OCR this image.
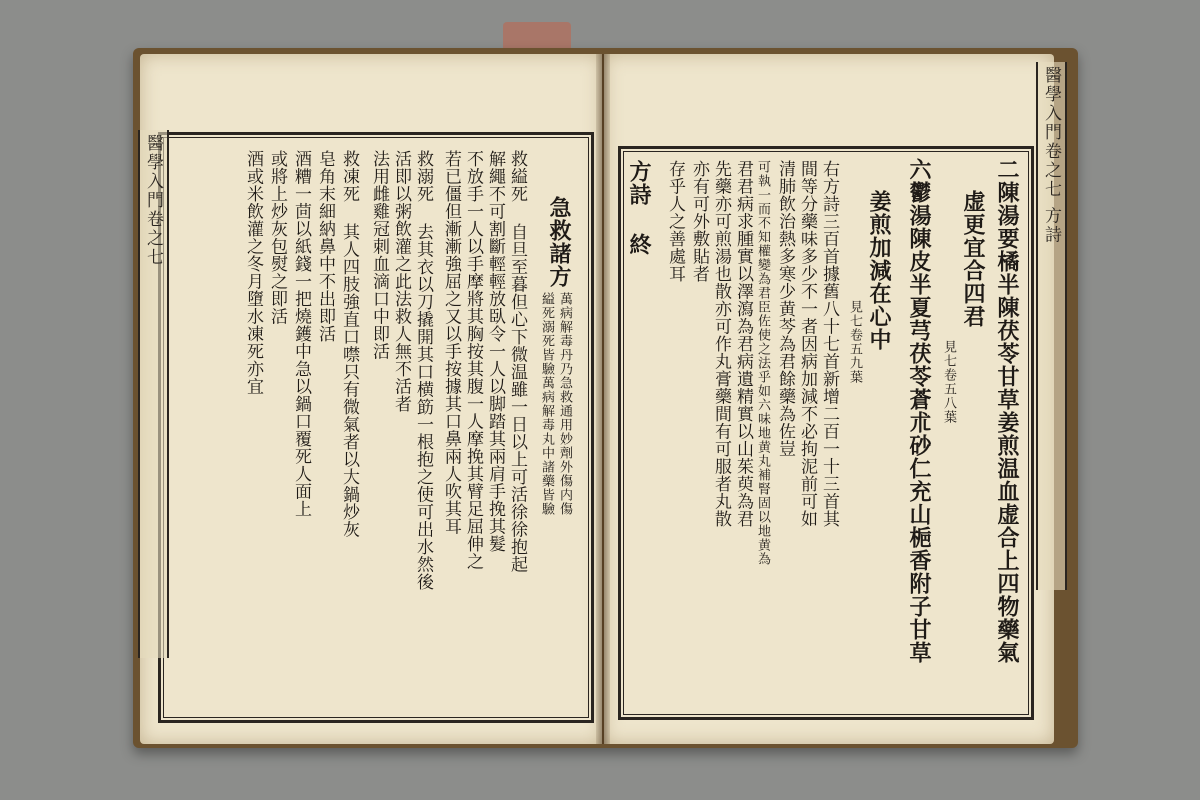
醫學入門卷之七	醫學入門卷之七 方詩
急救諸方
萬病解毒丹乃急救通用妙劑外傷内傷
縊死溺死皆驗萬病解毒丸中諸藥皆驗
救縊死 自旦至暮但心下微温雖一日以上可活徐徐抱起
解繩不可割斷輕輕放臥令一人以脚踏其兩肩手挽其髮
不放手一人以手摩將其胸按其腹一人摩挽其臂足屈伸之
若已僵但漸漸強屈之又以手按據其口鼻兩人吹其耳
救溺死 去其衣以刀撬開其口横筯一根抱之使可出水然後
活即以粥飲灌之此法救人無不活者
法用雌雞冠刺血滴口中即活
救凍死 其人四肢強直口噤只有微氣者以大鍋炒灰
皂角末細納鼻中不出即活
酒糟一茴以紙錢一把燒鑊中急以鍋口覆死人面上
或將上炒灰包熨之即活
酒或米飲灌之冬月墮水凍死亦宜	二陳湯要橘半陳茯苓甘草姜煎温血虚合上四物藥氣
虚更宜合四君
見七卷五八葉
六鬱湯陳皮半夏芎茯苓蒼朮砂仁充山梔香附子甘草
姜煎加減在心中
見七卷五九葉
右方詩三百首據舊八十七首新增二百一十三首其
間等分藥味多少不一者因病加減不必拘泥前可如
清肺飲治熱多寒少黄芩為君餘藥為佐豈
可執一而不知權變為君臣佐使之法乎如六味地黄丸補腎固以地黄為
君君病求腫實以澤瀉為君病遺精實以山茱萸為君
先藥亦可煎湯也散亦可作丸膏藥間有可服者丸散
亦有可外敷貼者
存乎人之善處耳
方詩 終
